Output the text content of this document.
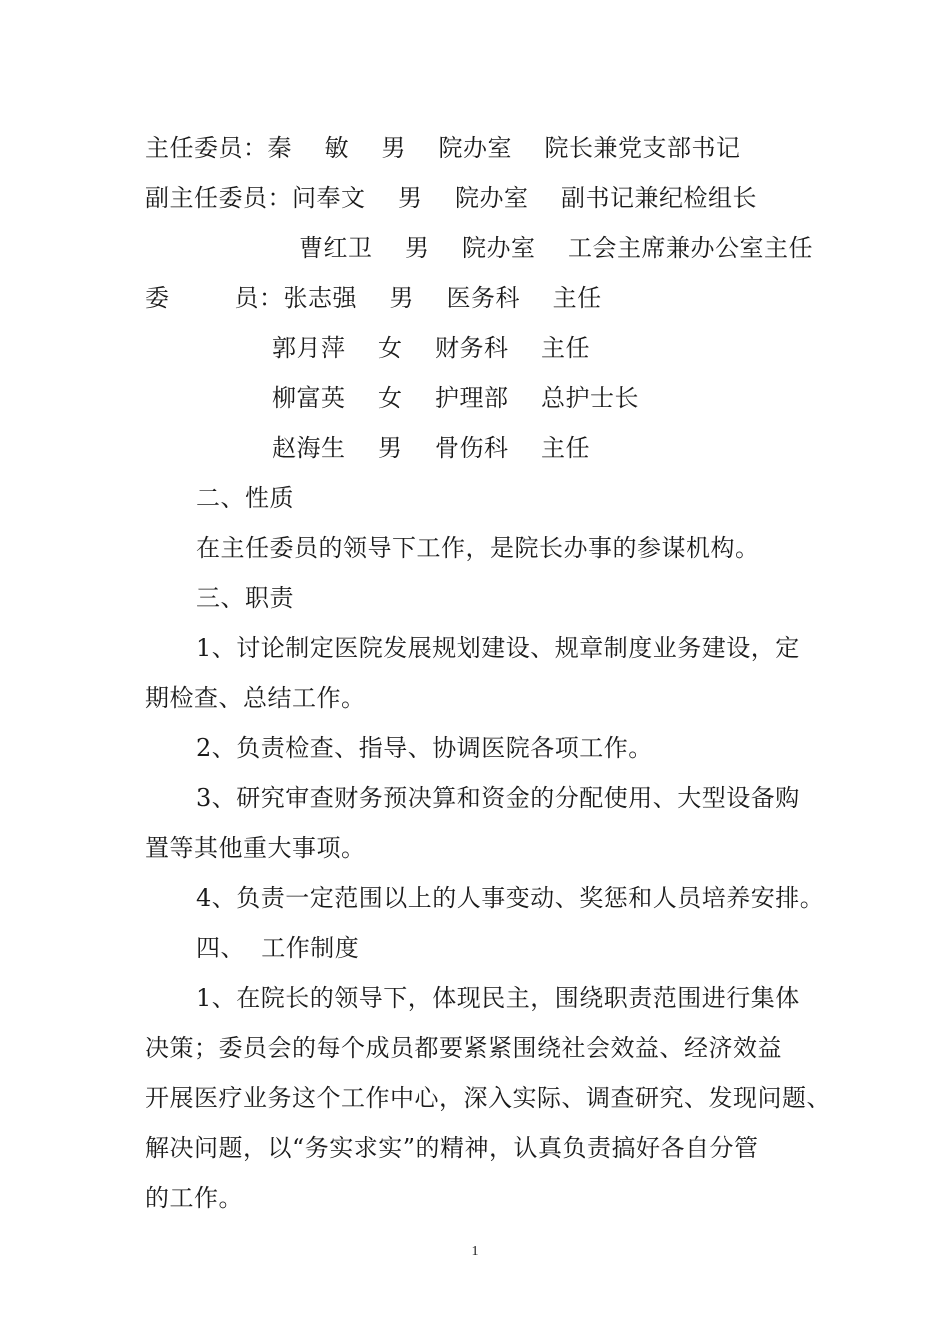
主任委员：秦    敏    男    院办室    院长兼党支部书记
副主任委员：问奉文    男    院办室    副书记兼纪检组长
曹红卫    男    院办室    工会主席兼办公室主任
委        员：张志强    男    医务科    主任
郭月萍    女    财务科    主任
柳富英    女    护理部    总护士长
赵海生    男    骨伤科    主任
二、性质
在主任委员的领导下工作，是院长办事的参谋机构。
三、职责
1、讨论制定医院发展规划建设、规章制度业务建设，定
期检查、总结工作。
2、负责检查、指导、协调医院各项工作。
3、研究审查财务预决算和资金的分配使用、大型设备购
置等其他重大事项。
4、负责一定范围以上的人事变动、奖惩和人员培养安排。
四、  工作制度
1、在院长的领导下，体现民主，围绕职责范围进行集体
决策；委员会的每个成员都要紧紧围绕社会效益、经济效益
开展医疗业务这个工作中心，深入实际、调查研究、发现问题、
解决问题，以“务实求实”的精神，认真负责搞好各自分管
的工作。
1
